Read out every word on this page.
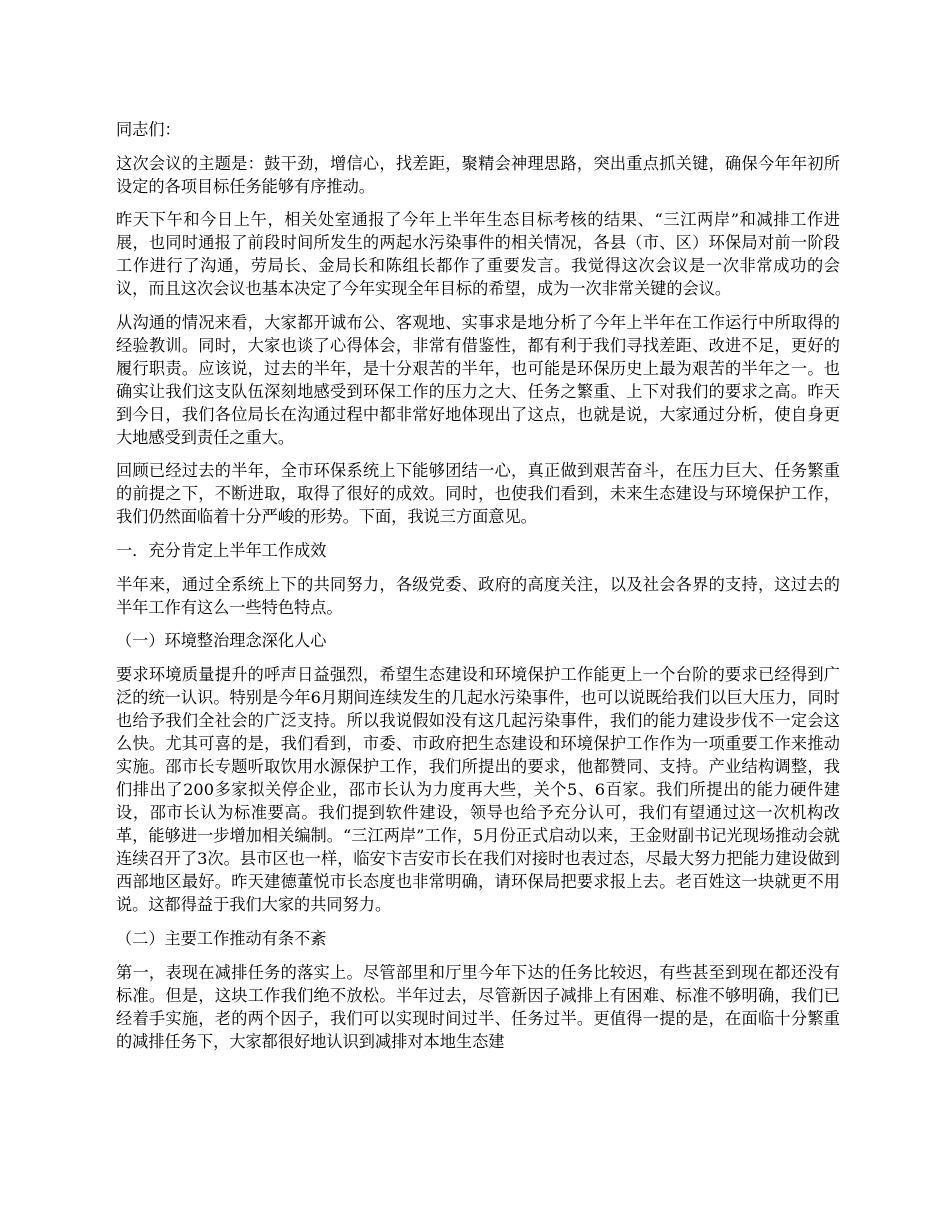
同志们：

这次会议的主题是：鼓干劲，增信心，找差距，聚精会神理思路，突出重点抓关键，确保今年年初所设定的各项目标任务能够有序推动。

昨天下午和今日上午，相关处室通报了今年上半年生态目标考核的结果、“三江两岸”和减排工作进展，也同时通报了前段时间所发生的两起水污染事件的相关情况，各县（市、区）环保局对前一阶段工作进行了沟通，劳局长、金局长和陈组长都作了重要发言。我觉得这次会议是一次非常成功的会议，而且这次会议也基本决定了今年实现全年目标的希望，成为一次非常关键的会议。

从沟通的情况来看，大家都开诚布公、客观地、实事求是地分析了今年上半年在工作运行中所取得的经验教训。同时，大家也谈了心得体会，非常有借鉴性，都有利于我们寻找差距、改进不足，更好的履行职责。应该说，过去的半年，是十分艰苦的半年，也可能是环保历史上最为艰苦的半年之一。也确实让我们这支队伍深刻地感受到环保工作的压力之大、任务之繁重、上下对我们的要求之高。昨天到今日，我们各位局长在沟通过程中都非常好地体现出了这点，也就是说，大家通过分析，使自身更大地感受到责任之重大。

回顾已经过去的半年，全市环保系统上下能够团结一心，真正做到艰苦奋斗，在压力巨大、任务繁重的前提之下，不断进取，取得了很好的成效。同时，也使我们看到，未来生态建设与环境保护工作，我们仍然面临着十分严峻的形势。下面，我说三方面意见。

一．充分肯定上半年工作成效

半年来，通过全系统上下的共同努力，各级党委、政府的高度关注，以及社会各界的支持，这过去的半年工作有这么一些特色特点。

（一）环境整治理念深化人心

要求环境质量提升的呼声日益强烈，希望生态建设和环境保护工作能更上一个台阶的要求已经得到广泛的统一认识。特别是今年6月期间连续发生的几起水污染事件，也可以说既给我们以巨大压力，同时也给予我们全社会的广泛支持。所以我说假如没有这几起污染事件，我们的能力建设步伐不一定会这么快。尤其可喜的是，我们看到，市委、市政府把生态建设和环境保护工作作为一项重要工作来推动实施。邵市长专题听取饮用水源保护工作，我们所提出的要求，他都赞同、支持。产业结构调整，我们排出了200多家拟关停企业，邵市长认为力度再大些，关个5、6百家。我们所提出的能力硬件建设，邵市长认为标准要高。我们提到软件建设，领导也给予充分认可，我们有望通过这一次机构改革，能够进一步增加相关编制。“三江两岸”工作，5月份正式启动以来，王金财副书记光现场推动会就连续召开了3次。县市区也一样，临安卞吉安市长在我们对接时也表过态，尽最大努力把能力建设做到西部地区最好。昨天建德董悦市长态度也非常明确，请环保局把要求报上去。老百姓这一块就更不用说。这都得益于我们大家的共同努力。

（二）主要工作推动有条不紊

第一，表现在减排任务的落实上。尽管部里和厅里今年下达的任务比较迟，有些甚至到现在都还没有标准。但是，这块工作我们绝不放松。半年过去，尽管新因子减排上有困难、标准不够明确，我们已经着手实施，老的两个因子，我们可以实现时间过半、任务过半。更值得一提的是，在面临十分繁重的减排任务下，大家都很好地认识到减排对本地生态建
